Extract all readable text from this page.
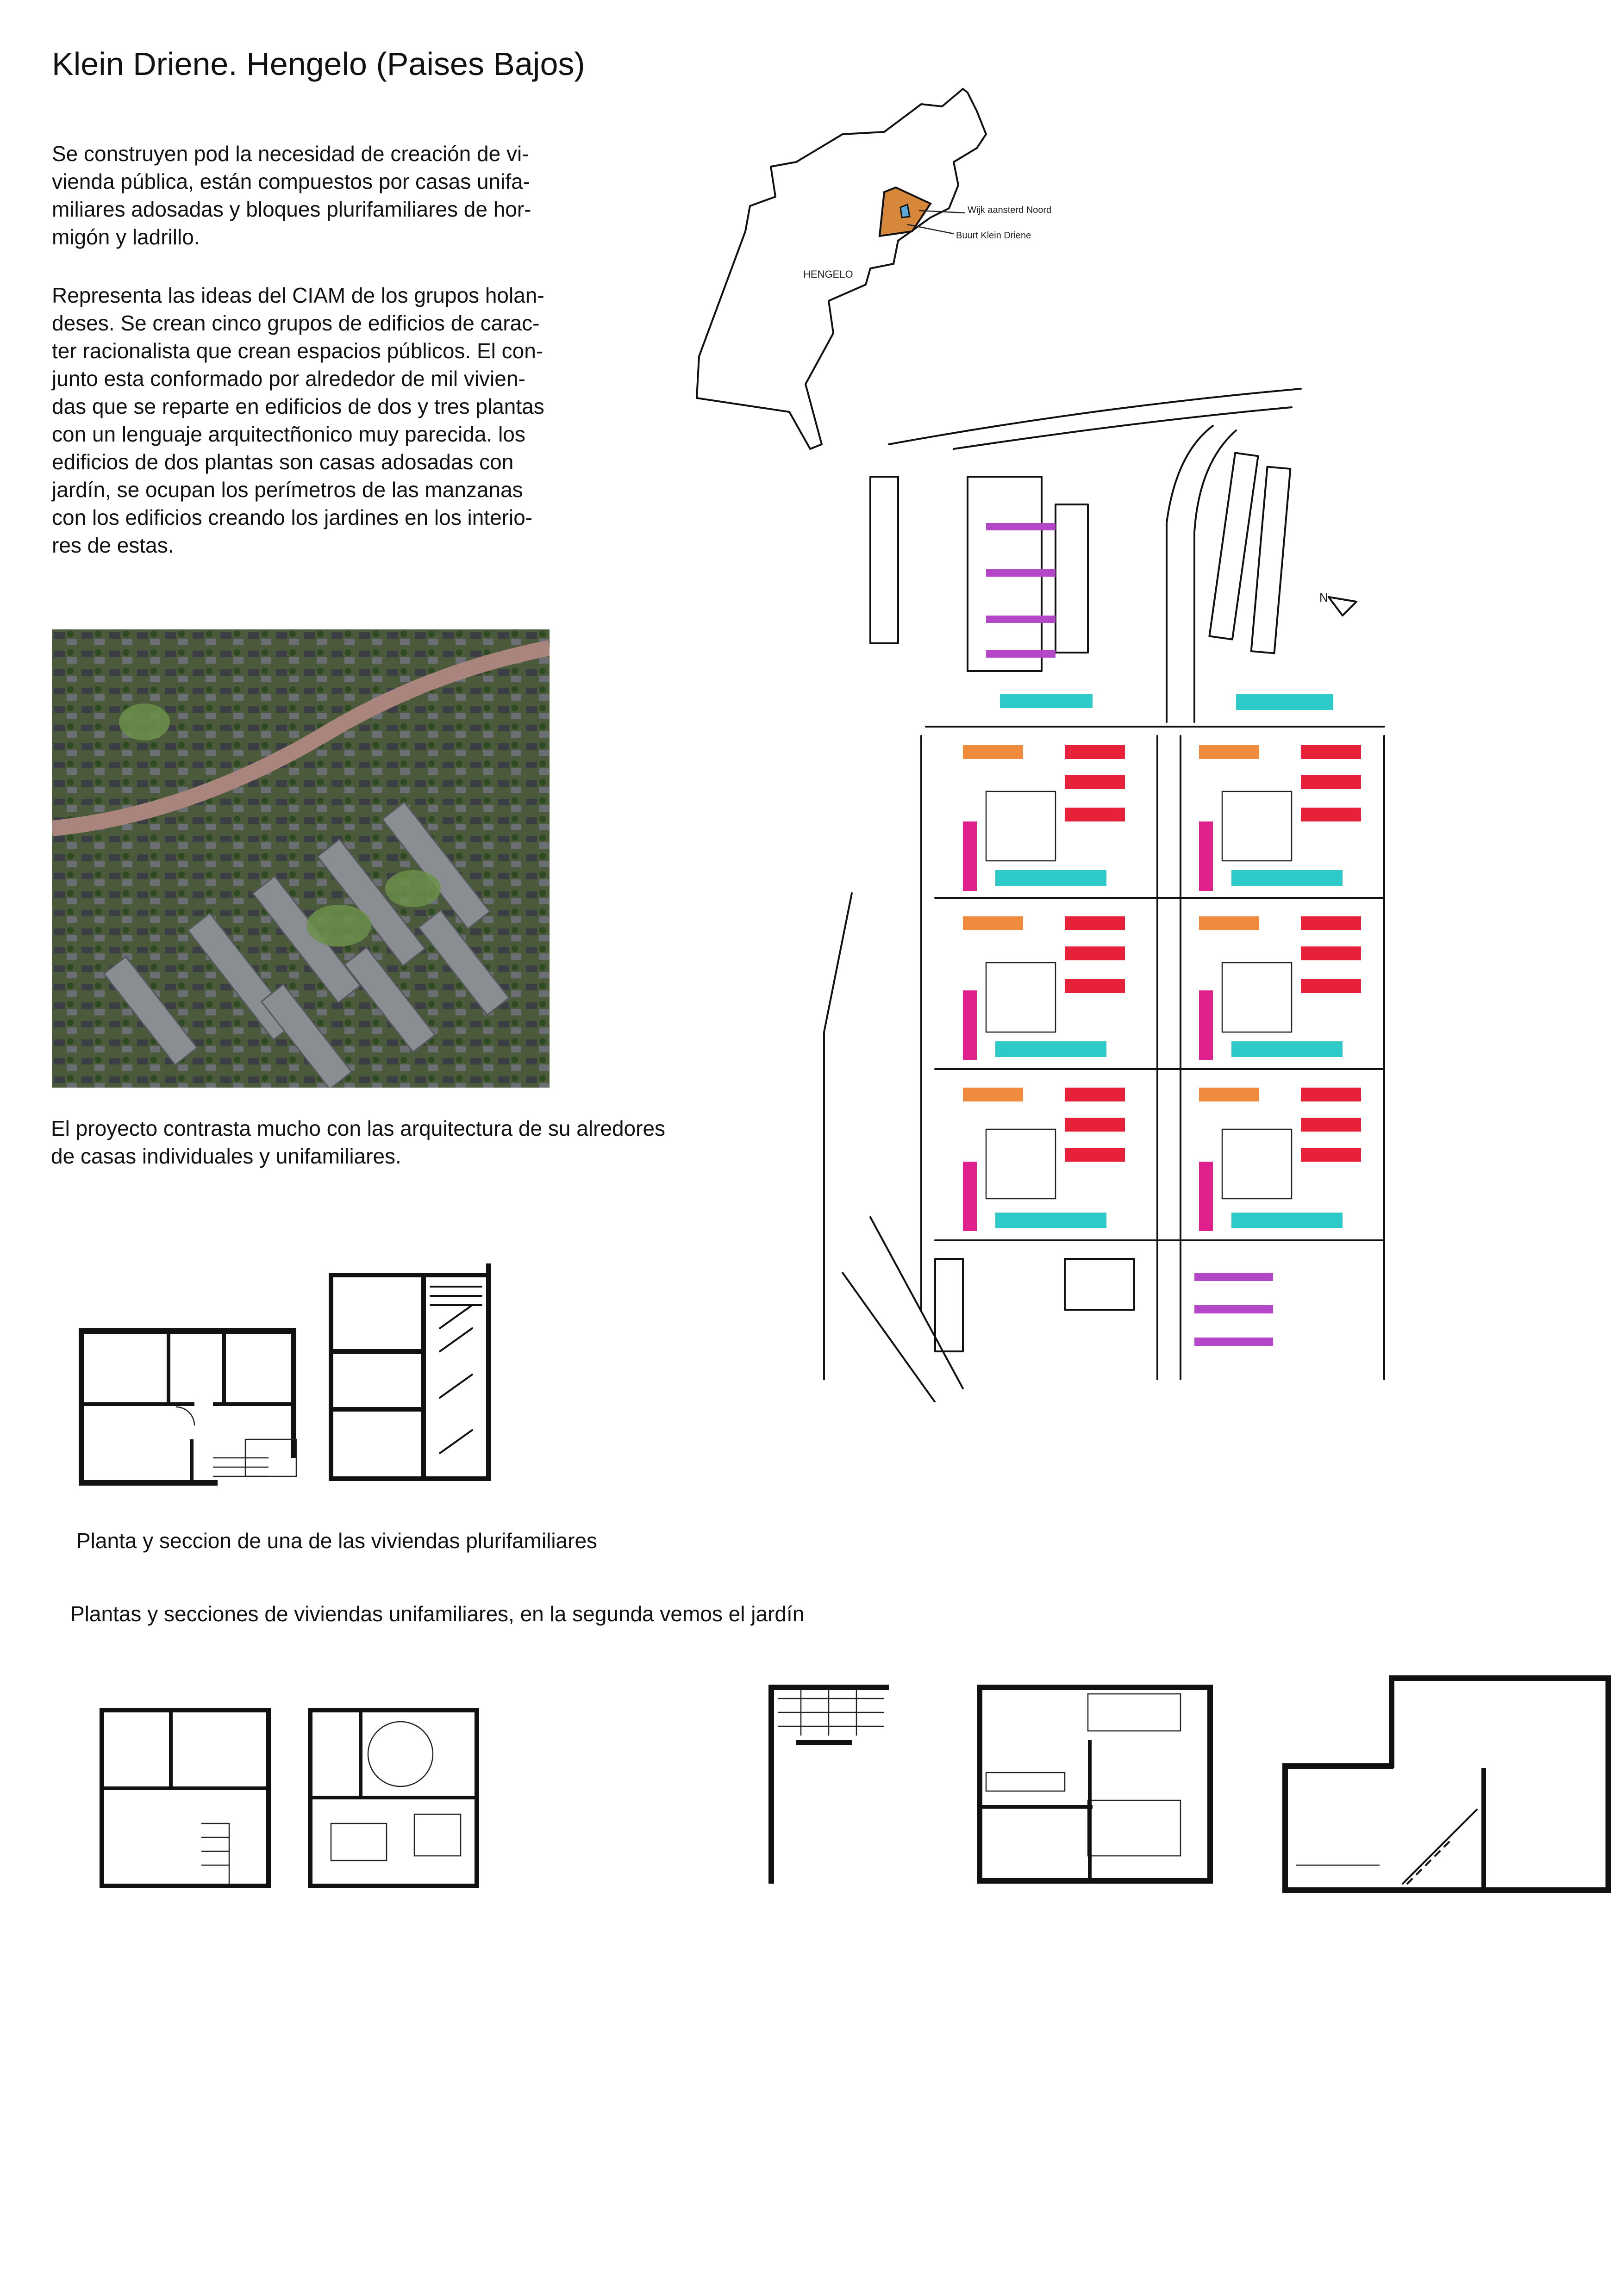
Klein Driene. Hengelo (Paises Bajos)

Se construyen pod la necesidad de creación de vi-
vienda pública, están compuestos por casas unifa-
miliares adosadas y bloques plurifamiliares de hor-
migón y ladrillo.

Representa las ideas del CIAM de los grupos holan-
deses. Se crean cinco grupos de edificios de carac-
ter racionalista que crean espacios públicos. El con-
junto esta conformado por alrededor de mil vivien-
das que se reparte en edificios de dos y tres plantas
con un lenguaje arquitectñonico muy parecida. los
edificios de dos plantas son casas adosadas con
jardín, se ocupan los perímetros de las manzanas
con los edificios creando los jardines en los interio-
res de estas.

Wijk aansterd Noord
Buurt Klein Driene
HENGELO

El proyecto contrasta mucho con las arquitectura de su alredores
de casas individuales y unifamiliares.

N

Planta y seccion de una de las viviendas plurifamiliares

Plantas y secciones de viviendas unifamiliares, en la segunda vemos el jardín
